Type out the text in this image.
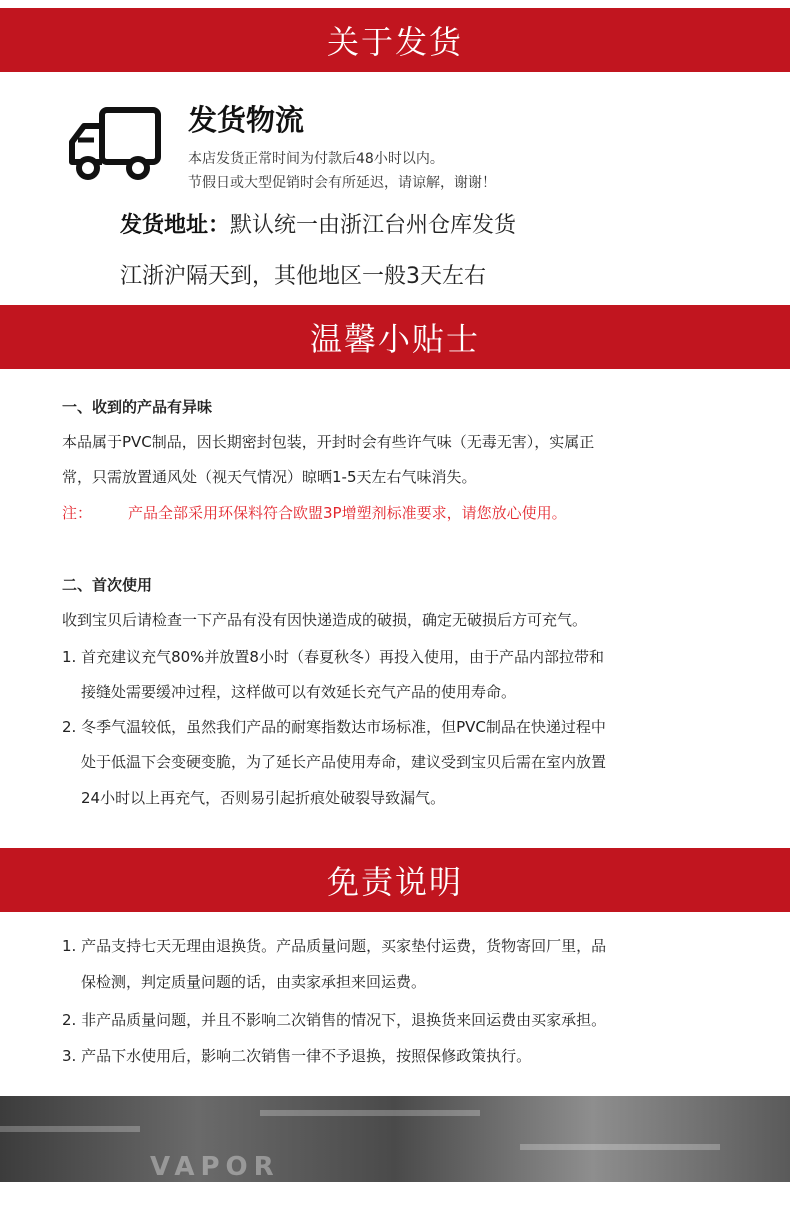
关于发货
发货物流
本店发货正常时间为付款后48小时以内。
节假日或大型促销时会有所延迟，请谅解，谢谢！
发货地址：默认统一由浙江台州仓库发货
江浙沪隔天到，其他地区一般3天左右
温馨小贴士
一、收到的产品有异味
本品属于PVC制品，因长期密封包装，开封时会有些许气味（无毒无害），实属正
常，只需放置通风处（视天气情况）晾晒1-5天左右气味消失。
注： 产品全部采用环保料符合欧盟3P增塑剂标准要求，请您放心使用。
二、首次使用
收到宝贝后请检查一下产品有没有因快递造成的破损，确定无破损后方可充气。
1. 首充建议充气80%并放置8小时（春夏秋冬）再投入使用，由于产品内部拉带和
接缝处需要缓冲过程，这样做可以有效延长充气产品的使用寿命。
2. 冬季气温较低，虽然我们产品的耐寒指数达市场标准，但PVC制品在快递过程中
处于低温下会变硬变脆，为了延长产品使用寿命，建议受到宝贝后需在室内放置
24小时以上再充气，否则易引起折痕处破裂导致漏气。
免责说明
1. 产品支持七天无理由退换货。产品质量问题，买家垫付运费，货物寄回厂里，品
保检测，判定质量问题的话，由卖家承担来回运费。
2. 非产品质量问题，并且不影响二次销售的情况下，退换货来回运费由买家承担。
3. 产品下水使用后，影响二次销售一律不予退换，按照保修政策执行。
VAPOR
